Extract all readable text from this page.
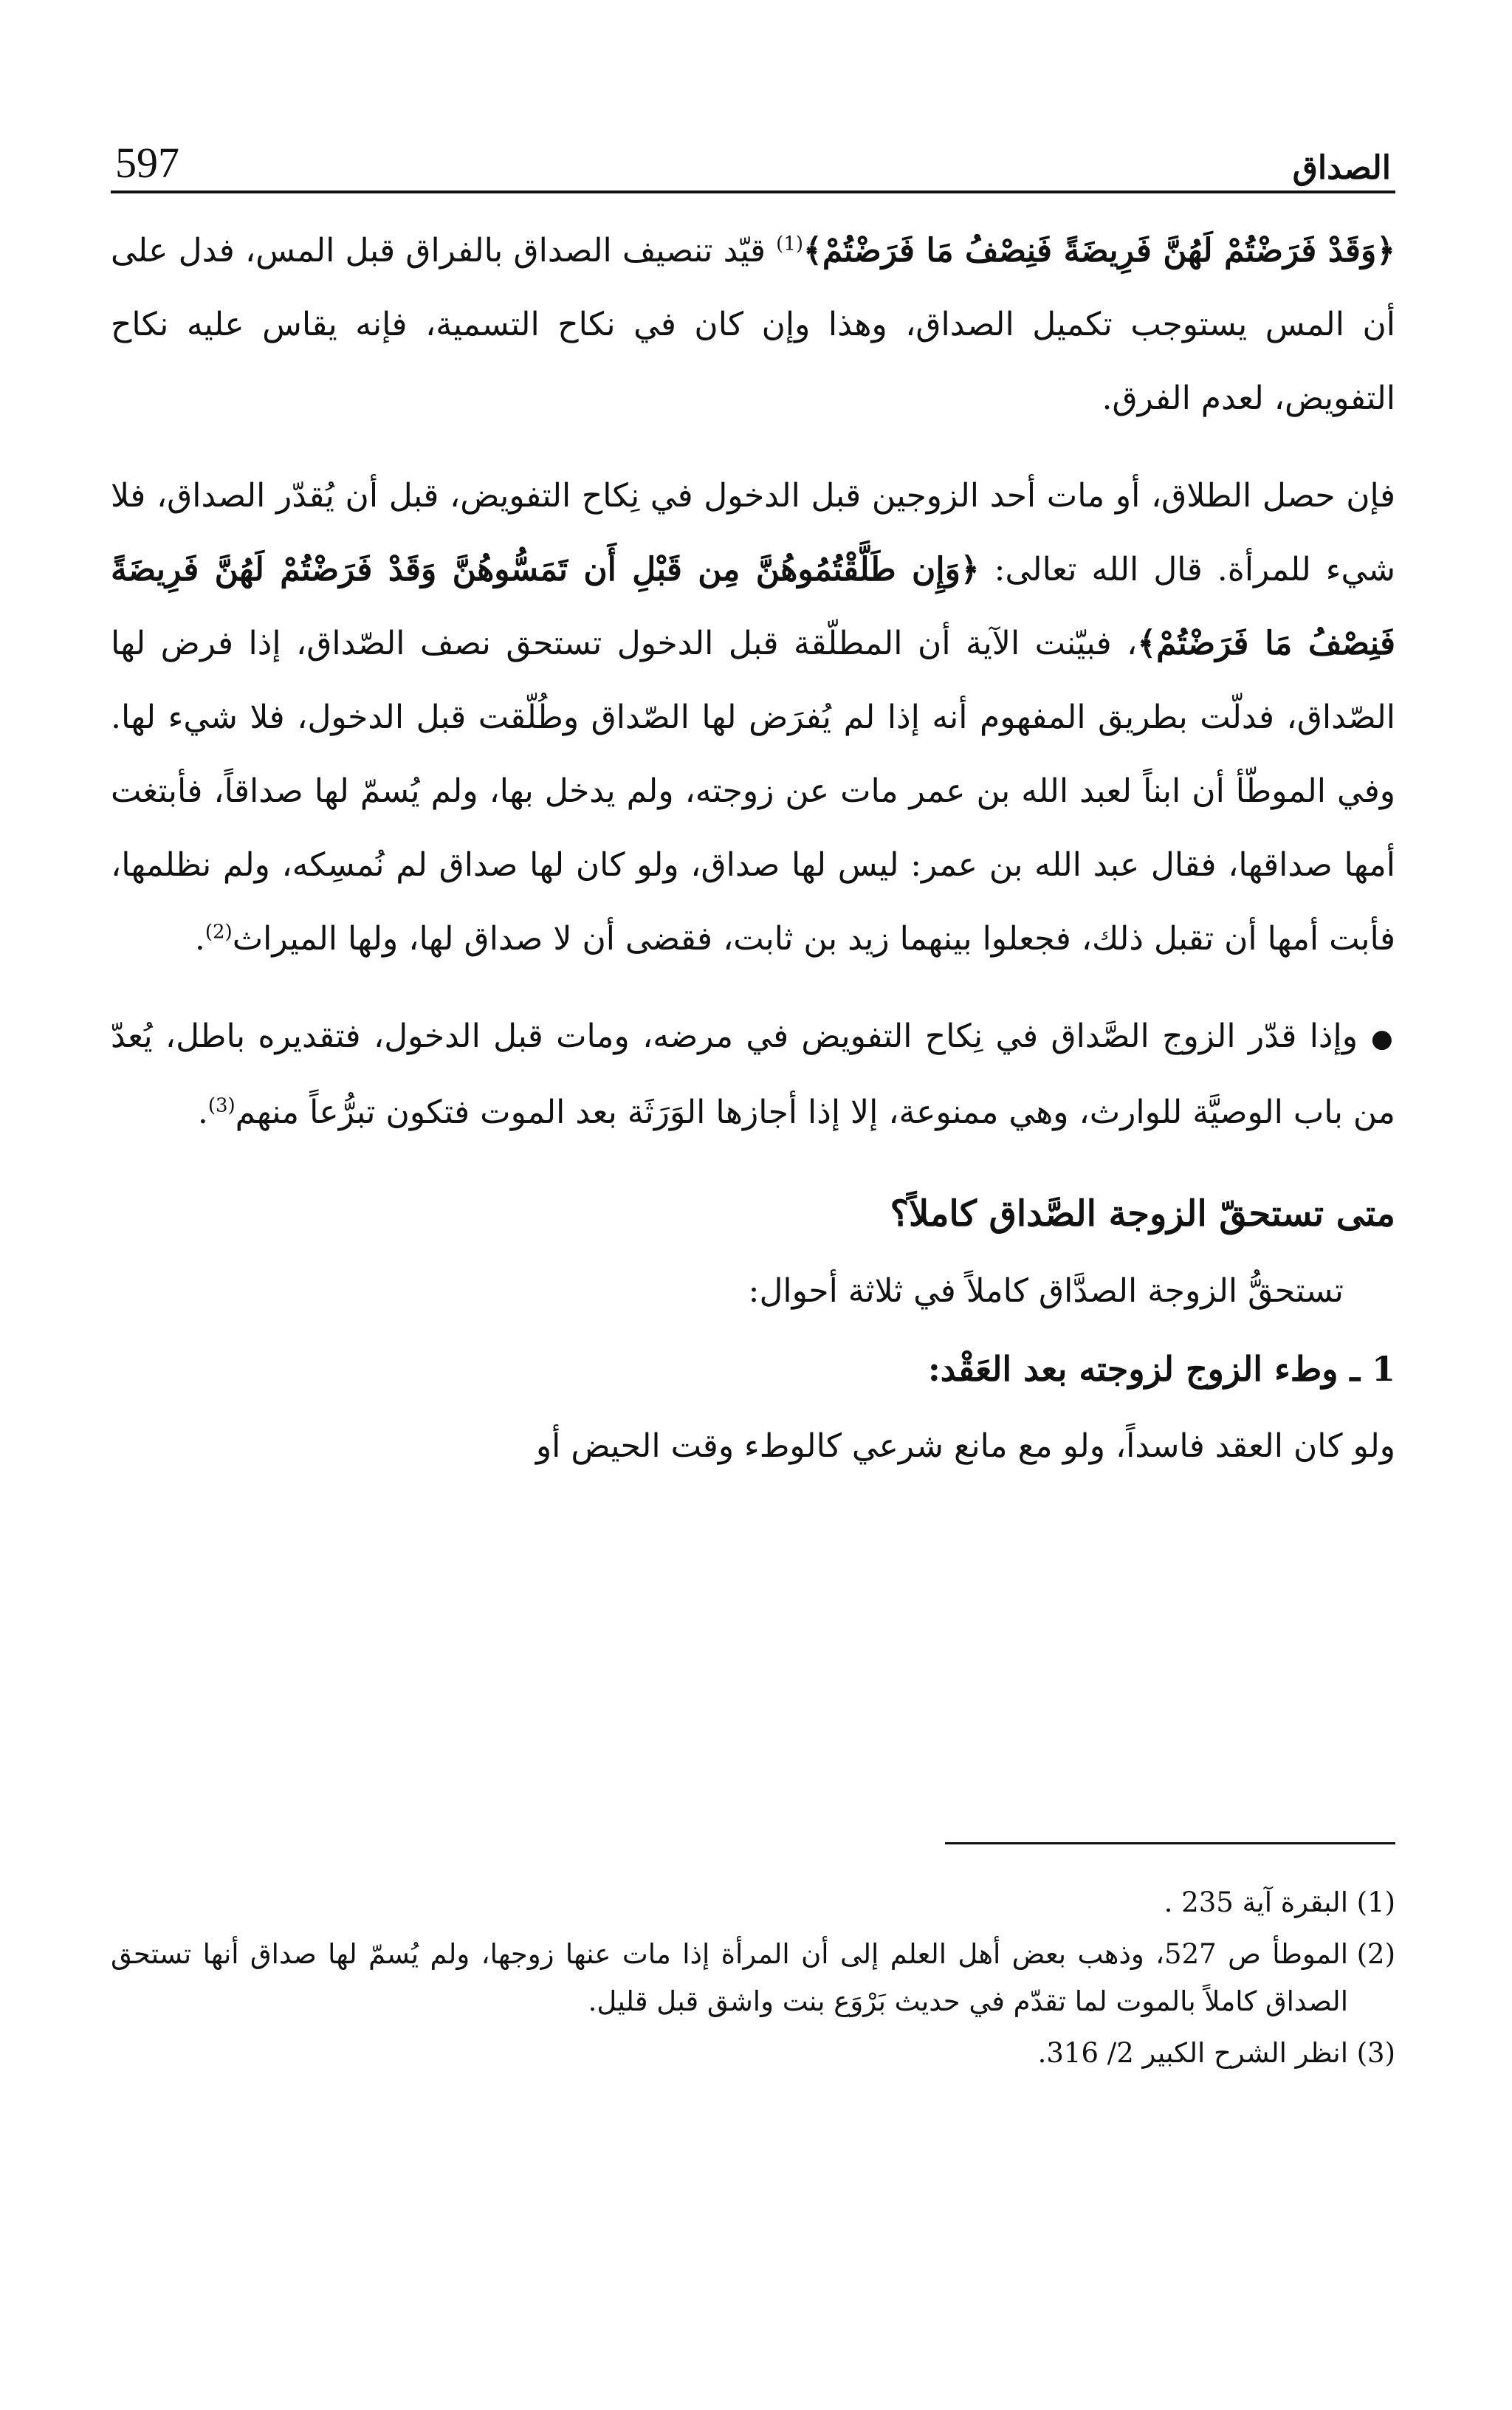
597	الصداق

﴿وَقَدْ فَرَضْتُمْ لَهُنَّ فَرِيضَةً فَنِصْفُ مَا فَرَضْتُمْ﴾$^{(1)}$ قيّد تنصيف الصداق بالفراق قبل المس، فدل على أن المس يستوجب تكميل الصداق، وهذا وإن كان في نكاح التسمية، فإنه يقاس عليه نكاح التفويض، لعدم الفرق.

فإن حصل الطلاق، أو مات أحد الزوجين قبل الدخول في نِكاح التفويض، قبل أن يُقدّر الصداق، فلا شيء للمرأة. قال الله تعالى: ﴿وَإِن طَلَّقْتُمُوهُنَّ مِن قَبْلِ أَن تَمَسُّوهُنَّ وَقَدْ فَرَضْتُمْ لَهُنَّ فَرِيضَةً فَنِصْفُ مَا فَرَضْتُمْ﴾، فبيّنت الآية أن المطلّقة قبل الدخول تستحق نصف الصّداق، إذا فرض لها الصّداق، فدلّت بطريق المفهوم أنه إذا لم يُفرَض لها الصّداق وطُلّقت قبل الدخول، فلا شيء لها. وفي الموطّأ أن ابناً لعبد الله بن عمر مات عن زوجته، ولم يدخل بها، ولم يُسمّ لها صداقاً، فأبتغت أمها صداقها، فقال عبد الله بن عمر: ليس لها صداق، ولو كان لها صداق لم نُمسِكه، ولم نظلمها، فأبت أمها أن تقبل ذلك، فجعلوا بينهما زيد بن ثابت، فقضى أن لا صداق لها، ولها الميراث$^{(2)}$.

●وإذا قدّر الزوج الصَّداق في نِكاح التفويض في مرضه، ومات قبل الدخول، فتقديره باطل، يُعدّ من باب الوصيَّة للوارث، وهي ممنوعة، إلا إذا أجازها الوَرَثَة بعد الموت فتكون تبرُّعاً منهم$^{(3)}$.

متى تستحقّ الزوجة الصَّداق كاملاً؟

تستحقُّ الزوجة الصدَّاق كاملاً في ثلاثة أحوال:

1 ـ وطء الزوج لزوجته بعد العَقْد:

ولو كان العقد فاسداً، ولو مع مانع شرعي كالوطء وقت الحيض أو

(1)
البقرة آية 235 .
(2)
الموطأ ص 527، وذهب بعض أهل العلم إلى أن المرأة إذا مات عنها زوجها، ولم يُسمّ لها صداق أنها تستحق الصداق كاملاً بالموت لما تقدّم في حديث بَرْوَع بنت واشق قبل قليل.
(3)
انظر الشرح الكبير 2/ 316.
